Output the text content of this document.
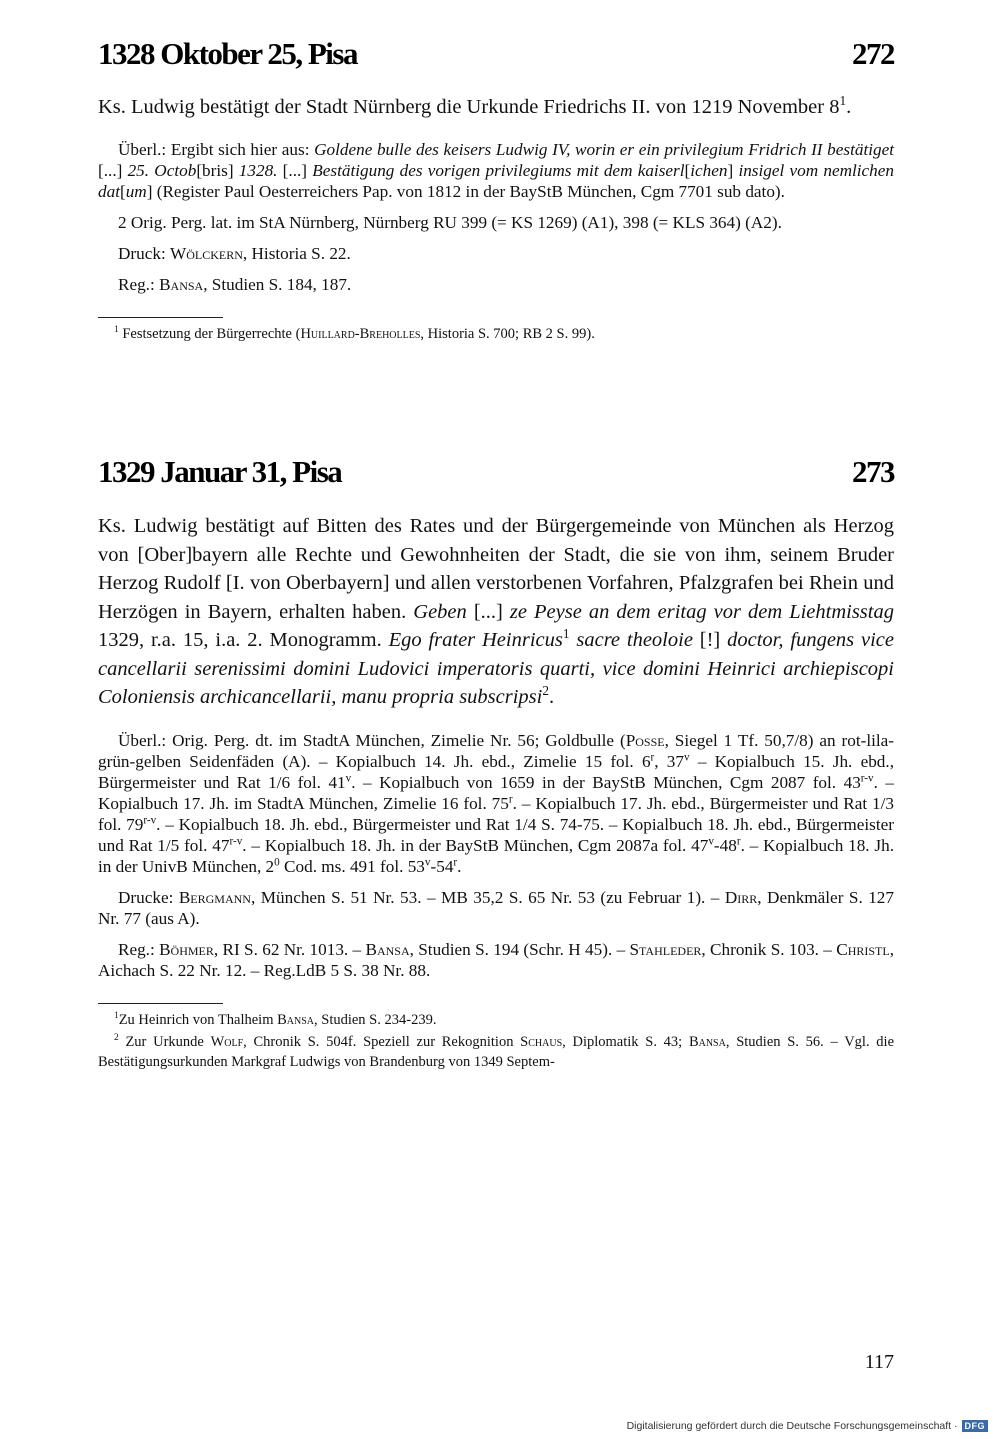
1328 Oktober 25, Pisa	272
Ks. Ludwig bestätigt der Stadt Nürnberg die Urkunde Friedrichs II. von 1219 November $8^1$.
Überl.: Ergibt sich hier aus: Goldene bulle des keisers Ludwig IV, worin er ein privilegium Fridrich II bestätiget [...] 25. Octob[bris] 1328. [...] Bestätigung des vorigen privilegiums mit dem kaiserl[ichen] insigel vom nemlichen dat[um] (Register Paul Oesterreichers Pap. von 1812 in der BayStB München, Cgm 7701 sub dato).
2 Orig. Perg. lat. im StA Nürnberg, Nürnberg RU 399 (= KS 1269) (A1), 398 (= KLS 364) (A2).
Druck: Wölckern, Historia S. 22.
Reg.: Bansa, Studien S. 184, 187.
$^1$ Festsetzung der Bürgerrechte (Huillard-Breholles, Historia S. 700; RB 2 S. 99).
1329 Januar 31, Pisa	273
Ks. Ludwig bestätigt auf Bitten des Rates und der Bürgergemeinde von München als Herzog von [Ober]bayern alle Rechte und Gewohnheiten der Stadt, die sie von ihm, seinem Bruder Herzog Rudolf [I. von Oberbayern] und allen verstorbenen Vorfahren, Pfalzgrafen bei Rhein und Herzögen in Bayern, erhalten haben. Geben [...] ze Peyse an dem eritag vor dem Liehtmisstag 1329, r.a. 15, i.a. 2. Monogramm. Ego frater Heinricus$^1$ sacre theoloie [!] doctor, fungens vice cancellarii serenissimi domini Ludovici imperatoris quarti, vice domini Heinrici archiepiscopi Coloniensis archicancellarii, manu propria subscripsi$^2$.
Überl.: Orig. Perg. dt. im StadtA München, Zimelie Nr. 56; Goldbulle (Posse, Siegel 1 Tf. 50,7/8) an rot-lila-grün-gelben Seidenfäden (A). – Kopialbuch 14. Jh. ebd., Zimelie 15 fol. 6$^r$, 37$^v$ – Kopialbuch 15. Jh. ebd., Bürgermeister und Rat 1/6 fol. 41$^v$. – Kopialbuch von 1659 in der BayStB München, Cgm 2087 fol. 43$^{r-v}$. – Kopialbuch 17. Jh. im StadtA München, Zimelie 16 fol. 75$^r$. – Kopialbuch 17. Jh. ebd., Bürgermeister und Rat 1/3 fol. 79$^{r-v}$. – Kopialbuch 18. Jh. ebd., Bürgermeister und Rat 1/4 S. 74-75. – Kopialbuch 18. Jh. ebd., Bürgermeister und Rat 1/5 fol. 47$^{r-v}$. – Kopialbuch 18. Jh. in der BayStB München, Cgm 2087a fol. 47$^v$-48$^r$. – Kopialbuch 18. Jh. in der UnivB München, $2^0$ Cod. ms. 491 fol. 53$^v$-54$^r$.
Drucke: Bergmann, München S. 51 Nr. 53. – MB 35,2 S. 65 Nr. 53 (zu Februar 1). – Dirr, Denkmäler S. 127 Nr. 77 (aus A).
Reg.: Böhmer, RI S. 62 Nr. 1013. – Bansa, Studien S. 194 (Schr. H 45). – Stahleder, Chronik S. 103. – Christl, Aichach S. 22 Nr. 12. – Reg.LdB 5 S. 38 Nr. 88.
$^1$Zu Heinrich von Thalheim Bansa, Studien S. 234-239.
$^2$ Zur Urkunde Wolf, Chronik S. 504f. Speziell zur Rekognition Schaus, Diplomatik S. 43; Bansa, Studien S. 56. – Vgl. die Bestätigungsurkunden Markgraf Ludwigs von Brandenburg von 1349 Septem-
117
Digitalisierung gefördert durch die Deutsche Forschungsgemeinschaft · DFG
